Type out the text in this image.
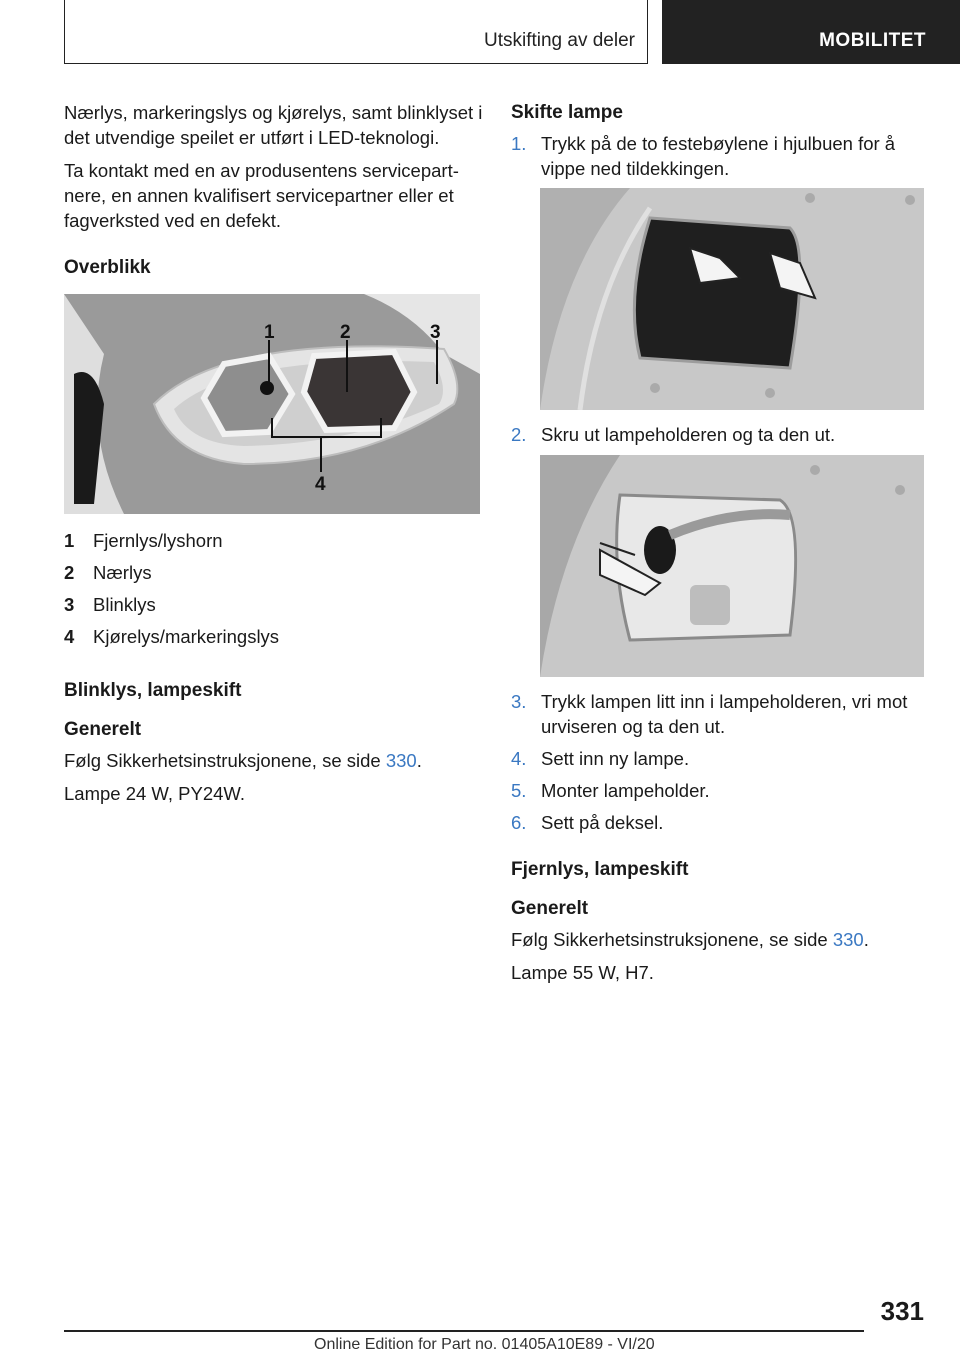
Utskifting av deler	MOBILITET

Nærlys, markeringslys og kjørelys, samt blinklyset i det utvendige speilet er utført i LED-teknologi.

Ta kontakt med en av produsentens servicepartnere, en annen kvalifisert servicepartner eller et fagverksted ved en defekt.

Overblikk
1	2	3
4
1	Fjernlys/lyshorn
2	Nærlys
3	Blinklys
4	Kjørelys/markeringslys
Blinklys, lampeskift
Generelt

Følg Sikkerhetsinstruksjonene, se side 330.

Lampe 24 W, PY24W.

Skifte lampe
1. Trykk på de to festebøylene i hjulbuen for å vippe ned tildekkingen.
2. Skru ut lampeholderen og ta den ut.
3. Trykk lampen litt inn i lampeholderen, vri mot urviseren og ta den ut.
4. Sett inn ny lampe.
5. Monter lampeholder.
6. Sett på deksel.
Fjernlys, lampeskift
Generelt

Følg Sikkerhetsinstruksjonene, se side 330.

Lampe 55 W, H7.

331
Online Edition for Part no. 01405A10E89 - VI/20
